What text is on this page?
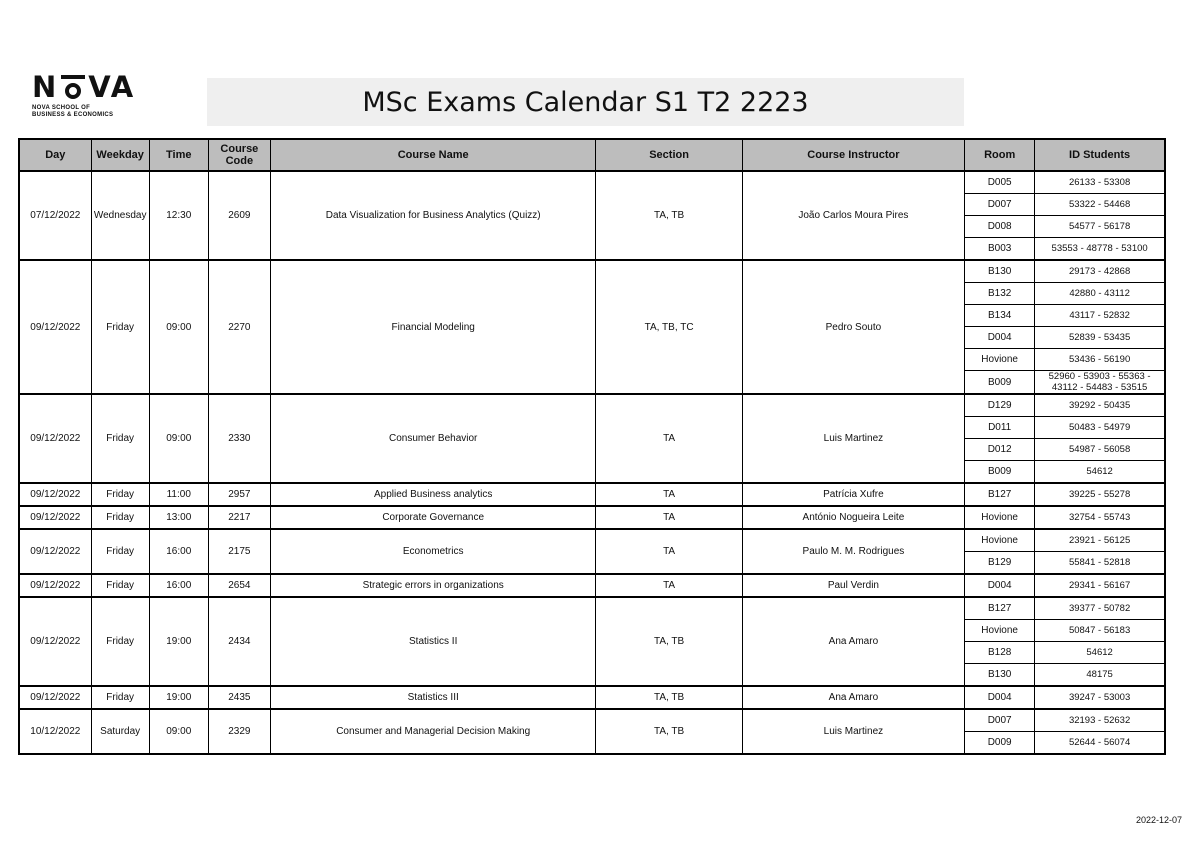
N VA
NOVA SCHOOL OF
BUSINESS & ECONOMICS	MSc Exams Calendar S1 T2 2223
Day	Weekday	Time	Course Code	Course Name	Section	Course Instructor	Room	ID Students
07/12/2022	Wednesday	12:30	2609	Data Visualization for Business Analytics (Quizz)	TA, TB	João Carlos Moura Pires	D005	26133 - 53308
							D007	53322 - 54468
							D008	54577 - 56178
							B003	53553 - 48778 - 53100
09/12/2022	Friday	09:00	2270	Financial Modeling	TA, TB, TC	Pedro Souto	B130	29173 - 42868
							B132	42880 - 43112
							B134	43117 - 52832
							D004	52839 - 53435
							Hovione	53436 - 56190
							B009	52960 - 53903 - 55363 - 43112 - 54483 - 53515
09/12/2022	Friday	09:00	2330	Consumer Behavior	TA	Luis Martinez	D129	39292 - 50435
							D011	50483 - 54979
							D012	54987 - 56058
							B009	54612
09/12/2022	Friday	11:00	2957	Applied Business analytics	TA	Patrícia Xufre	B127	39225 - 55278
09/12/2022	Friday	13:00	2217	Corporate Governance	TA	António Nogueira Leite	Hovione	32754 - 55743
09/12/2022	Friday	16:00	2175	Econometrics	TA	Paulo M. M. Rodrigues	Hovione	23921 - 56125
							B129	55841 - 52818
09/12/2022	Friday	16:00	2654	Strategic errors in organizations	TA	Paul Verdin	D004	29341 - 56167
09/12/2022	Friday	19:00	2434	Statistics II	TA, TB	Ana Amaro	B127	39377 - 50782
							Hovione	50847 - 56183
							B128	54612
							B130	48175
09/12/2022	Friday	19:00	2435	Statistics III	TA, TB	Ana Amaro	D004	39247 - 53003
10/12/2022	Saturday	09:00	2329	Consumer and Managerial Decision Making	TA, TB	Luis Martinez	D007	32193 - 52632
							D009	52644 - 56074
2022-12-07
